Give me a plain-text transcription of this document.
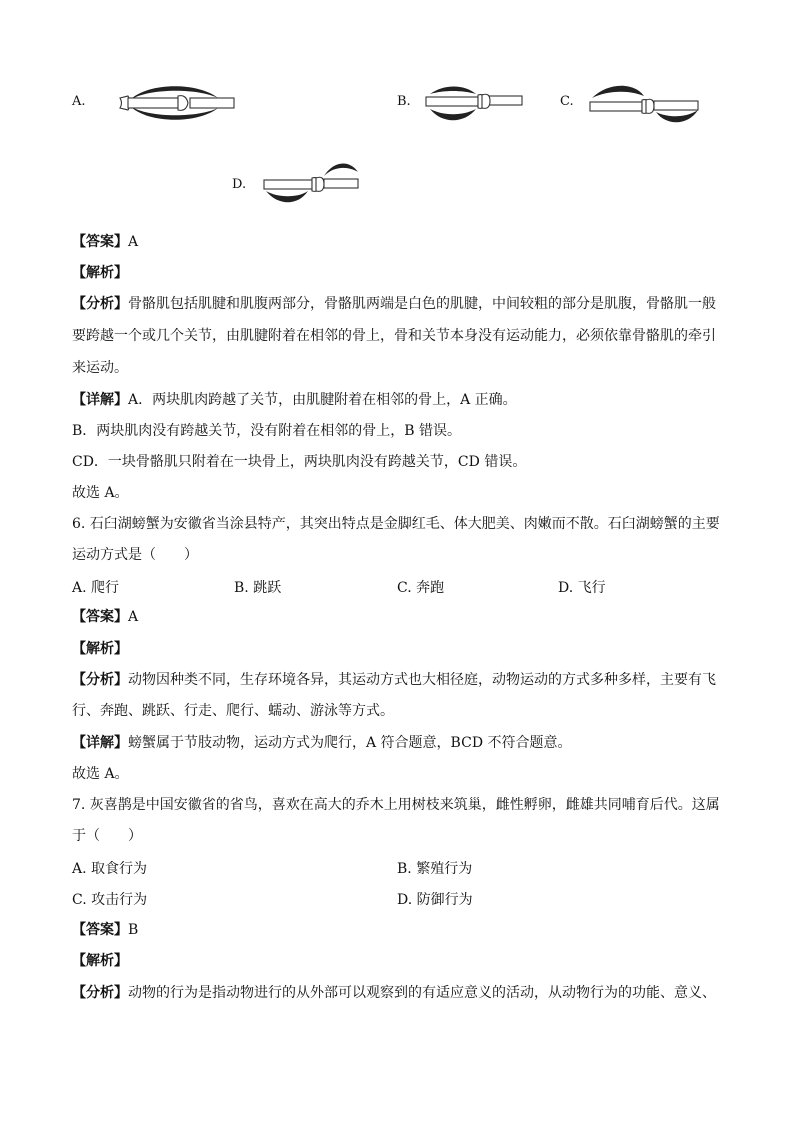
A.	B.	C.
D.
【答案】A
【解析】
【分析】骨骼肌包括肌腱和肌腹两部分，骨骼肌两端是白色的肌腱，中间较粗的部分是肌腹，骨骼肌一般
要跨越一个或几个关节，由肌腱附着在相邻的骨上，骨和关节本身没有运动能力，必须依靠骨骼肌的牵引
来运动。
【详解】A．两块肌肉跨越了关节，由肌腱附着在相邻的骨上，A 正确。
B．两块肌肉没有跨越关节，没有附着在相邻的骨上，B 错误。
CD．一块骨骼肌只附着在一块骨上，两块肌肉没有跨越关节，CD 错误。
故选 A。
6. 石臼湖螃蟹为安徽省当涂县特产，其突出特点是金脚红毛、体大肥美、肉嫩而不散。石臼湖螃蟹的主要
运动方式是（　　）
A. 爬行	B. 跳跃	C. 奔跑	D. 飞行
【答案】A
【解析】
【分析】动物因种类不同，生存环境各异，其运动方式也大相径庭，动物运动的方式多种多样，主要有飞
行、奔跑、跳跃、行走、爬行、蠕动、游泳等方式。
【详解】螃蟹属于节肢动物，运动方式为爬行，A 符合题意，BCD 不符合题意。
故选 A。
7. 灰喜鹊是中国安徽省的省鸟，喜欢在高大的乔木上用树枝来筑巢，雌性孵卵，雌雄共同哺育后代。这属
于（　　）
A. 取食行为	B. 繁殖行为
C. 攻击行为	D. 防御行为
【答案】B
【解析】
【分析】动物的行为是指动物进行的从外部可以观察到的有适应意义的活动，从动物行为的功能、意义、
